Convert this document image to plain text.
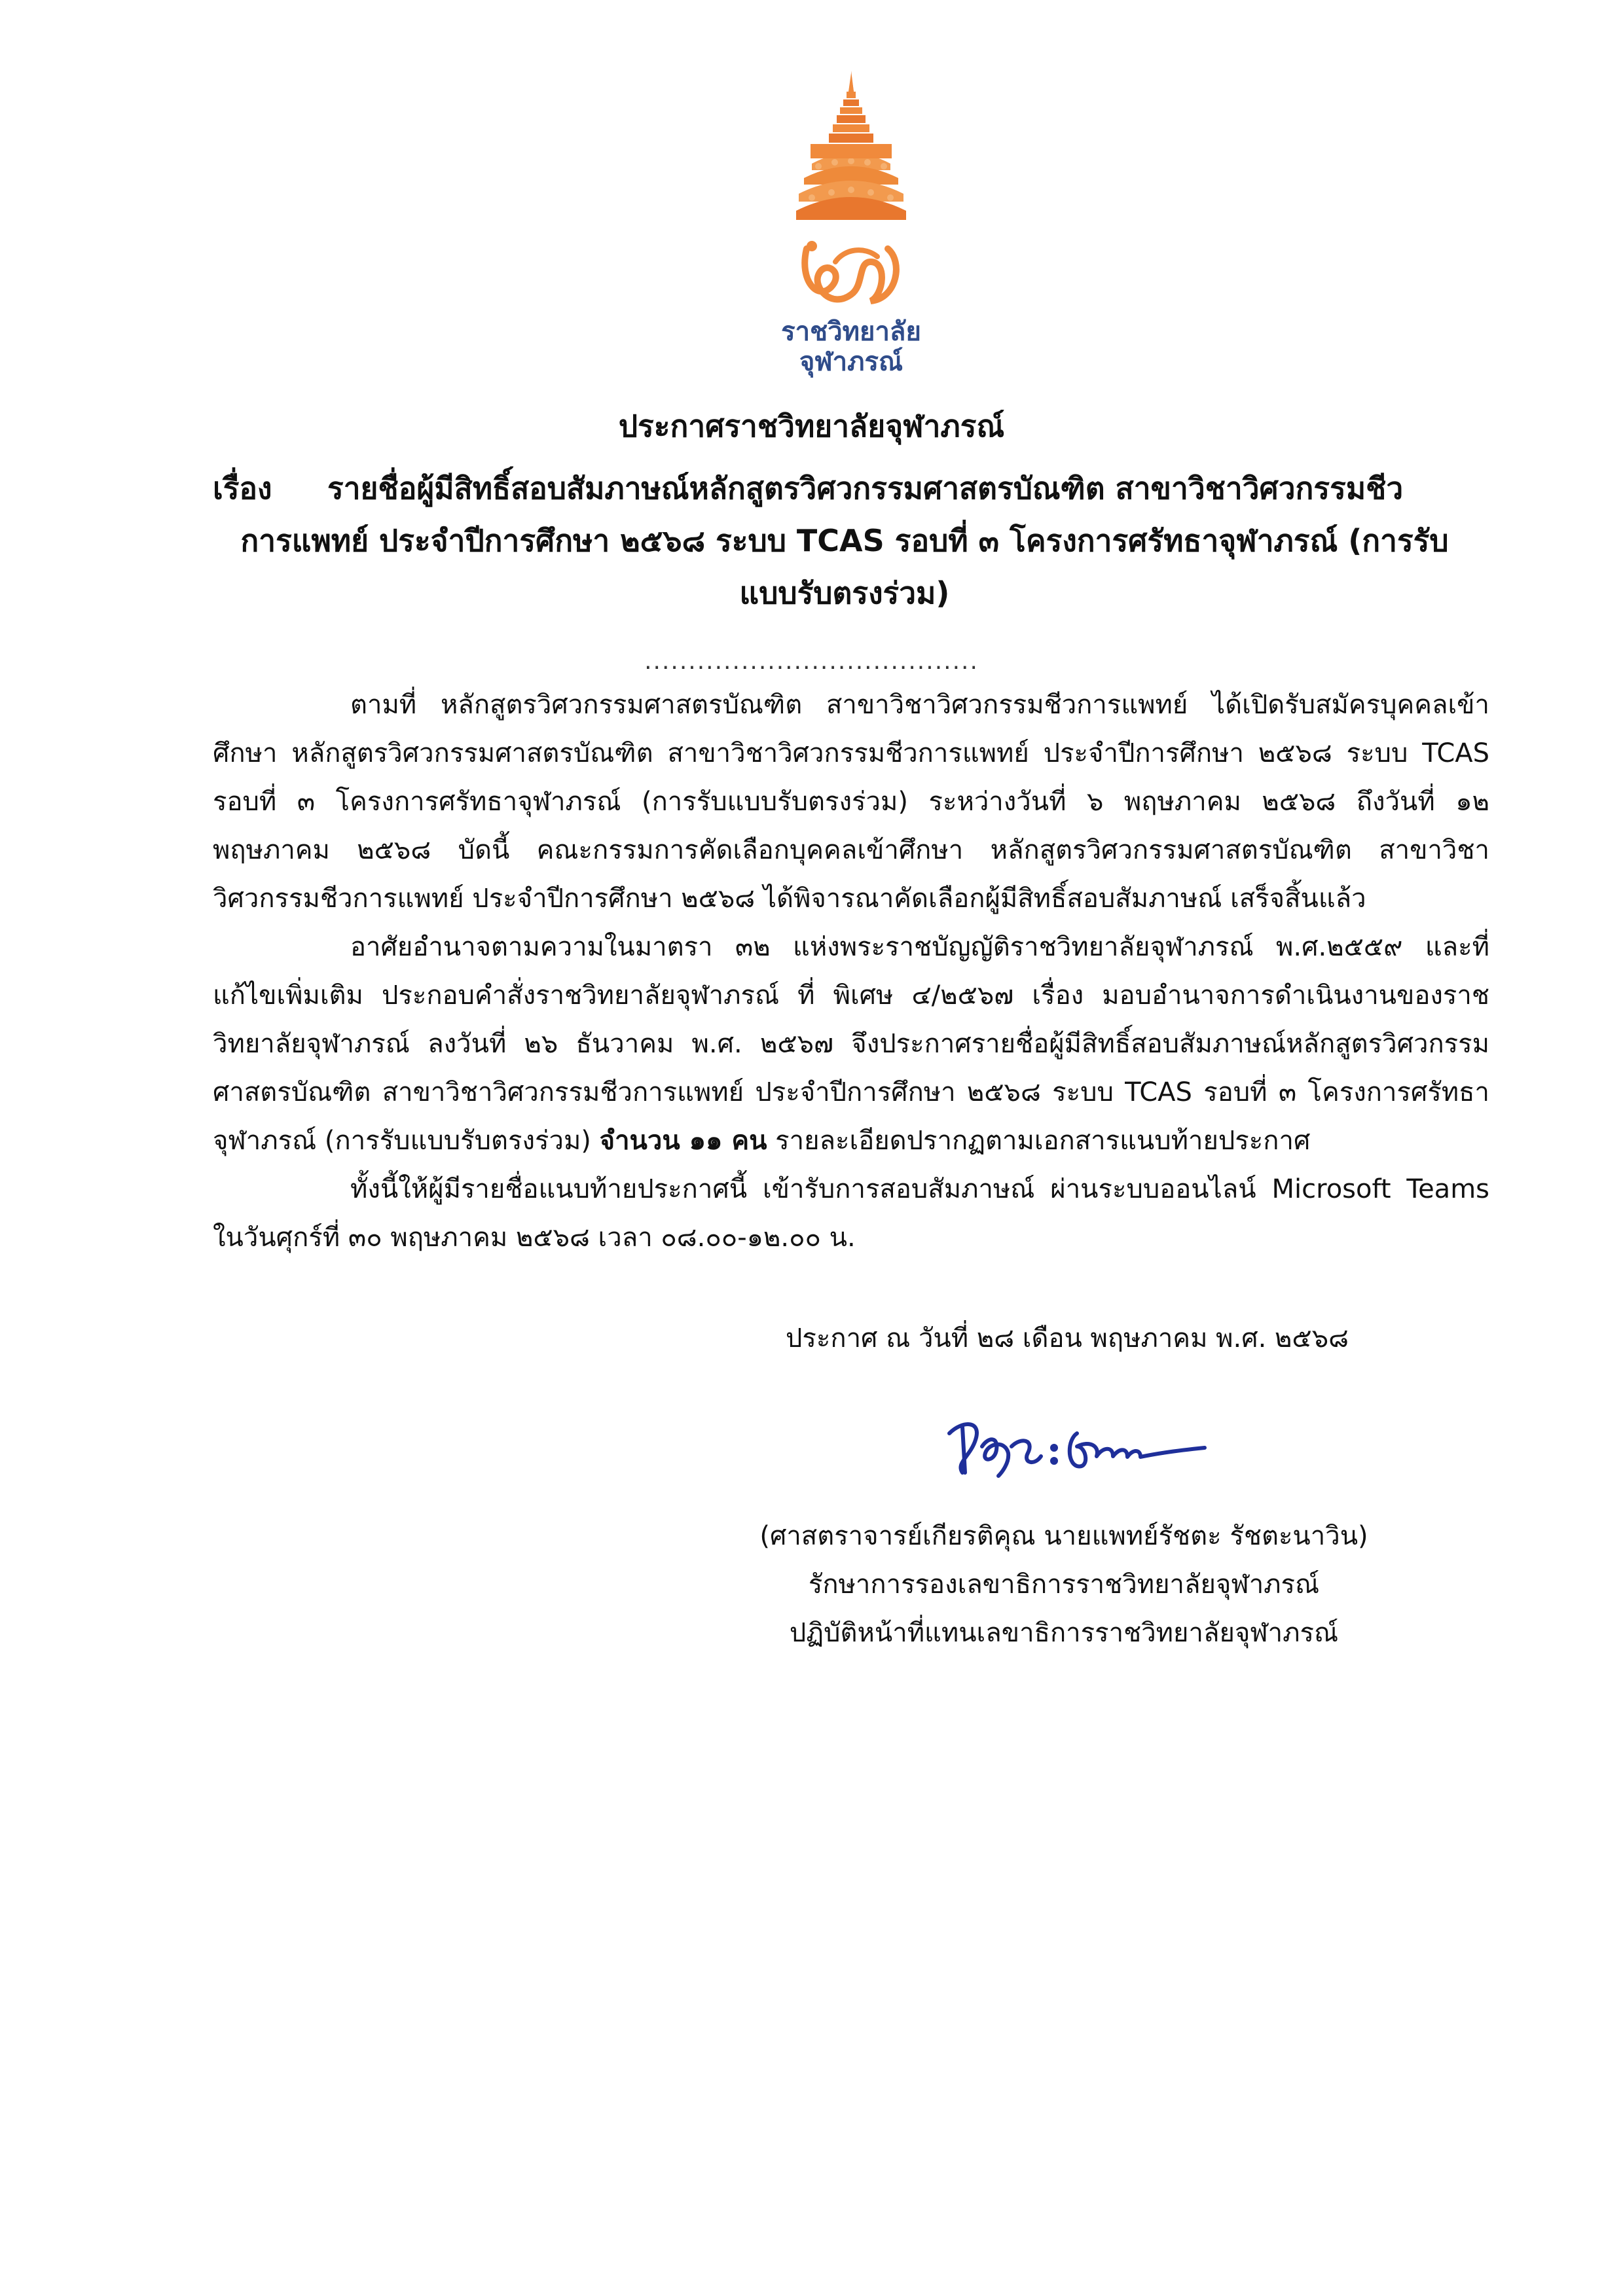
ราชวิทยาลัย
จุฬาภรณ์
ประกาศราชวิทยาลัยจุฬาภรณ์
เรื่อง	รายชื่อผู้มีสิทธิ์สอบสัมภาษณ์หลักสูตรวิศวกรรมศาสตรบัณฑิต สาขาวิชาวิศวกรรมชีว
การแพทย์ ประจำปีการศึกษา ๒๕๖๘ ระบบ TCAS รอบที่ ๓ โครงการศรัทธาจุฬาภรณ์ (การรับ
แบบรับตรงร่วม)
......................................

ตามที่ หลักสูตรวิศวกรรมศาสตรบัณฑิต สาขาวิชาวิศวกรรมชีวการแพทย์ ได้เปิดรับสมัครบุคคลเข้าศึกษา หลักสูตรวิศวกรรมศาสตรบัณฑิต สาขาวิชาวิศวกรรมชีวการแพทย์ ประจำปีการศึกษา ๒๕๖๘ ระบบ TCAS รอบที่ ๓ โครงการศรัทธาจุฬาภรณ์ (การรับแบบรับตรงร่วม) ระหว่างวันที่ ๖ พฤษภาคม ๒๕๖๘ ถึงวันที่ ๑๒ พฤษภาคม ๒๕๖๘ บัดนี้ คณะกรรมการคัดเลือกบุคคลเข้าศึกษา หลักสูตรวิศวกรรมศาสตรบัณฑิต สาขาวิชาวิศวกรรมชีวการแพทย์ ประจำปีการศึกษา ๒๕๖๘ ได้พิจารณาคัดเลือกผู้มีสิทธิ์สอบสัมภาษณ์ เสร็จสิ้นแล้ว

อาศัยอำนาจตามความในมาตรา ๓๒ แห่งพระราชบัญญัติราชวิทยาลัยจุฬาภรณ์ พ.ศ.๒๕๕๙ และที่แก้ไขเพิ่มเติม ประกอบคำสั่งราชวิทยาลัยจุฬาภรณ์ ที่ พิเศษ ๔/๒๕๖๗ เรื่อง มอบอำนาจการดำเนินงานของราชวิทยาลัยจุฬาภรณ์ ลงวันที่ ๒๖ ธันวาคม พ.ศ. ๒๕๖๗ จึงประกาศรายชื่อผู้มีสิทธิ์สอบสัมภาษณ์หลักสูตรวิศวกรรมศาสตรบัณฑิต สาขาวิชาวิศวกรรมชีวการแพทย์ ประจำปีการศึกษา ๒๕๖๘ ระบบ TCAS รอบที่ ๓ โครงการศรัทธาจุฬาภรณ์ (การรับแบบรับตรงร่วม) จำนวน ๑๑ คน รายละเอียดปรากฏตามเอกสารแนบท้ายประกาศ

ทั้งนี้ให้ผู้มีรายชื่อแนบท้ายประกาศนี้ เข้ารับการสอบสัมภาษณ์ ผ่านระบบออนไลน์ Microsoft Teams ในวันศุกร์ที่ ๓๐ พฤษภาคม ๒๕๖๘ เวลา ๐๘.๐๐-๑๒.๐๐ น.

ประกาศ ณ วันที่ ๒๘ เดือน พฤษภาคม พ.ศ. ๒๕๖๘
(ศาสตราจารย์เกียรติคุณ นายแพทย์รัชตะ รัชตะนาวิน)
รักษาการรองเลขาธิการราชวิทยาลัยจุฬาภรณ์
ปฏิบัติหน้าที่แทนเลขาธิการราชวิทยาลัยจุฬาภรณ์
